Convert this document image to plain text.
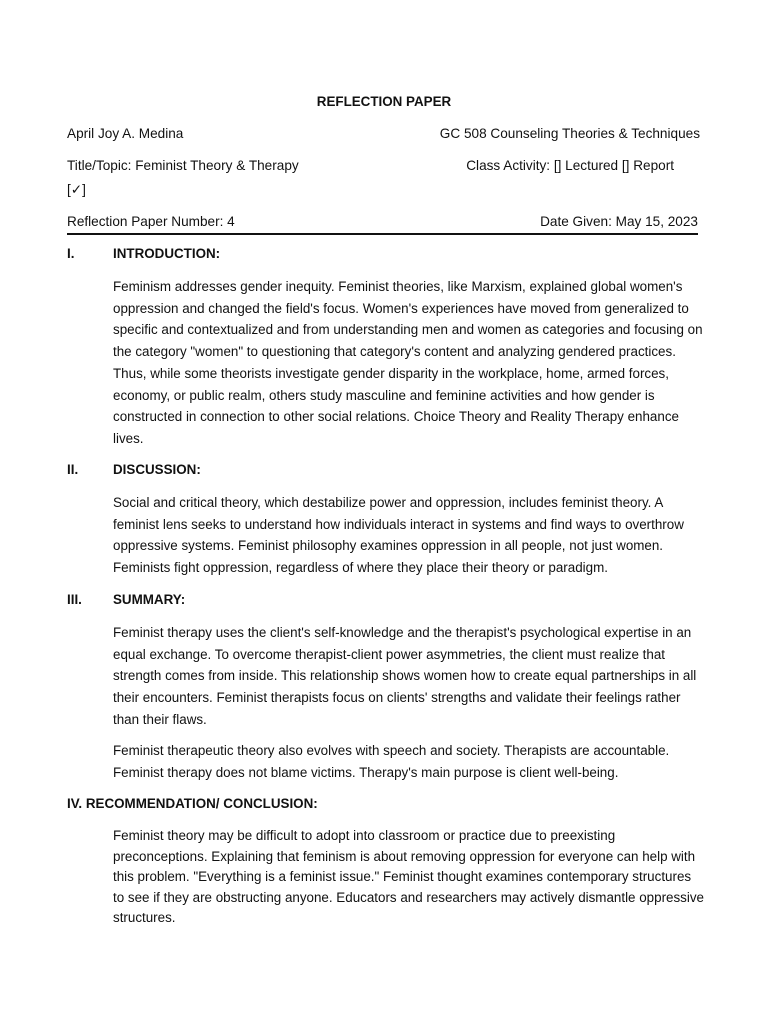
REFLECTION PAPER
April Joy A. Medina	GC 508 Counseling Theories & Techniques
Title/Topic: Feminist Theory & Therapy	Class Activity: [] Lectured [] Report
[✓]
Reflection Paper Number: 4	Date Given: May 15, 2023
I.	INTRODUCTION:
Feminism addresses gender inequity. Feminist theories, like Marxism, explained global women's oppression and changed the field's focus. Women's experiences have moved from generalized to specific and contextualized and from understanding men and women as categories and focusing on the category "women" to questioning that category's content and analyzing gendered practices. Thus, while some theorists investigate gender disparity in the workplace, home, armed forces, economy, or public realm, others study masculine and feminine activities and how gender is constructed in connection to other social relations. Choice Theory and Reality Therapy enhance lives.
II.	DISCUSSION:
Social and critical theory, which destabilize power and oppression, includes feminist theory. A feminist lens seeks to understand how individuals interact in systems and find ways to overthrow oppressive systems. Feminist philosophy examines oppression in all people, not just women. Feminists fight oppression, regardless of where they place their theory or paradigm.
III. SUMMARY:
Feminist therapy uses the client's self-knowledge and the therapist's psychological expertise in an equal exchange. To overcome therapist-client power asymmetries, the client must realize that strength comes from inside. This relationship shows women how to create equal partnerships in all their encounters. Feminist therapists focus on clients' strengths and validate their feelings rather than their flaws.
Feminist therapeutic theory also evolves with speech and society. Therapists are accountable. Feminist therapy does not blame victims. Therapy's main purpose is client well-being.
IV. RECOMMENDATION/ CONCLUSION:
Feminist theory may be difficult to adopt into classroom or practice due to preexisting preconceptions. Explaining that feminism is about removing oppression for everyone can help with this problem. "Everything is a feminist issue." Feminist thought examines contemporary structures to see if they are obstructing anyone. Educators and researchers may actively dismantle oppressive structures.
